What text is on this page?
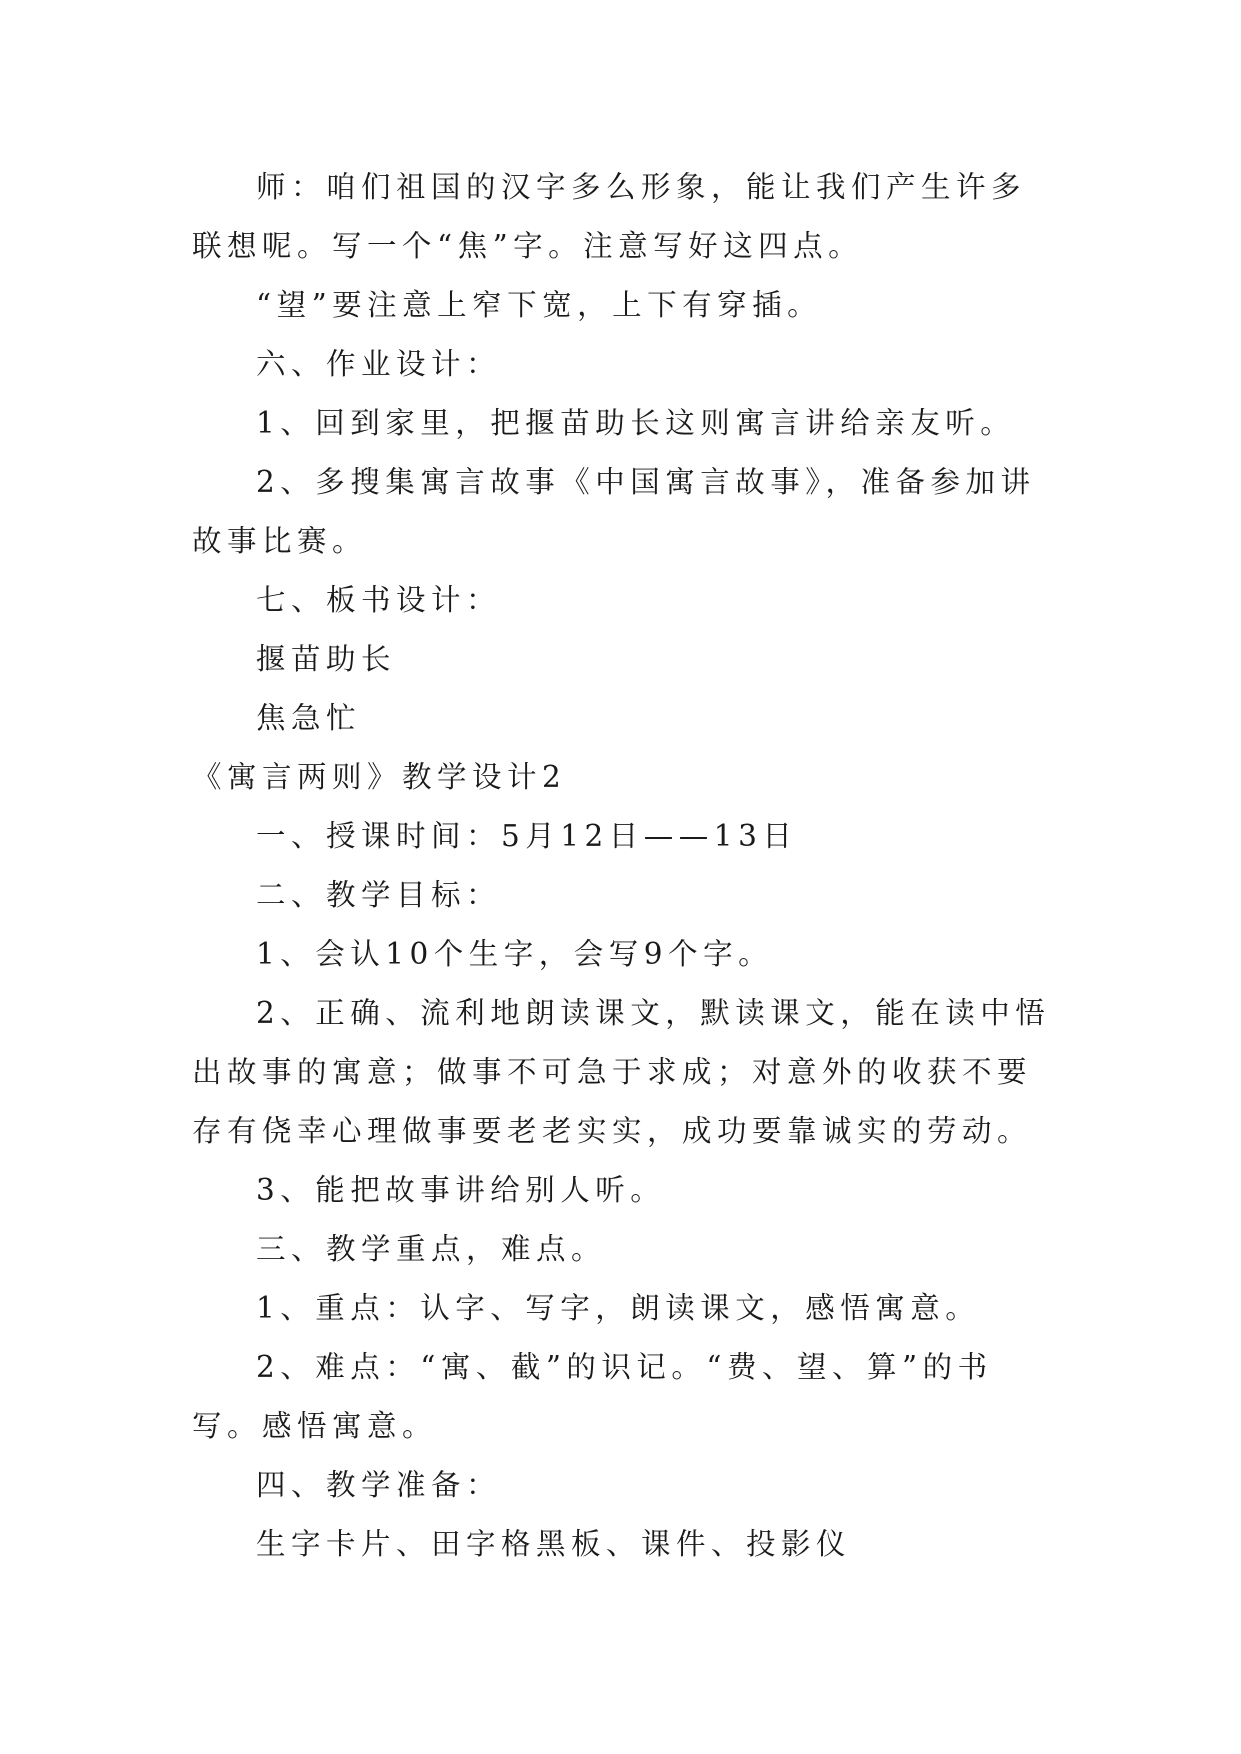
师：咱们祖国的汉字多么形象，能让我们产生许多联想呢。写一个“焦”字。注意写好这四点。

“望”要注意上窄下宽，上下有穿插。

六、作业设计：

1、回到家里，把揠苗助长这则寓言讲给亲友听。

2、多搜集寓言故事《中国寓言故事》，准备参加讲故事比赛。

七、板书设计：

揠苗助长

焦急忙

《寓言两则》教学设计2

一、授课时间：5月12日——13日

二、教学目标：

1、会认10个生字，会写9个字。

2、正确、流利地朗读课文，默读课文，能在读中悟出故事的寓意；做事不可急于求成；对意外的收获不要存有侥幸心理做事要老老实实，成功要靠诚实的劳动。

3、能把故事讲给别人听。

三、教学重点，难点。

1、重点：认字、写字，朗读课文，感悟寓意。

2、难点：“寓、截”的识记。“费、望、算”的书写。感悟寓意。

四、教学准备：

生字卡片、田字格黑板、课件、投影仪
